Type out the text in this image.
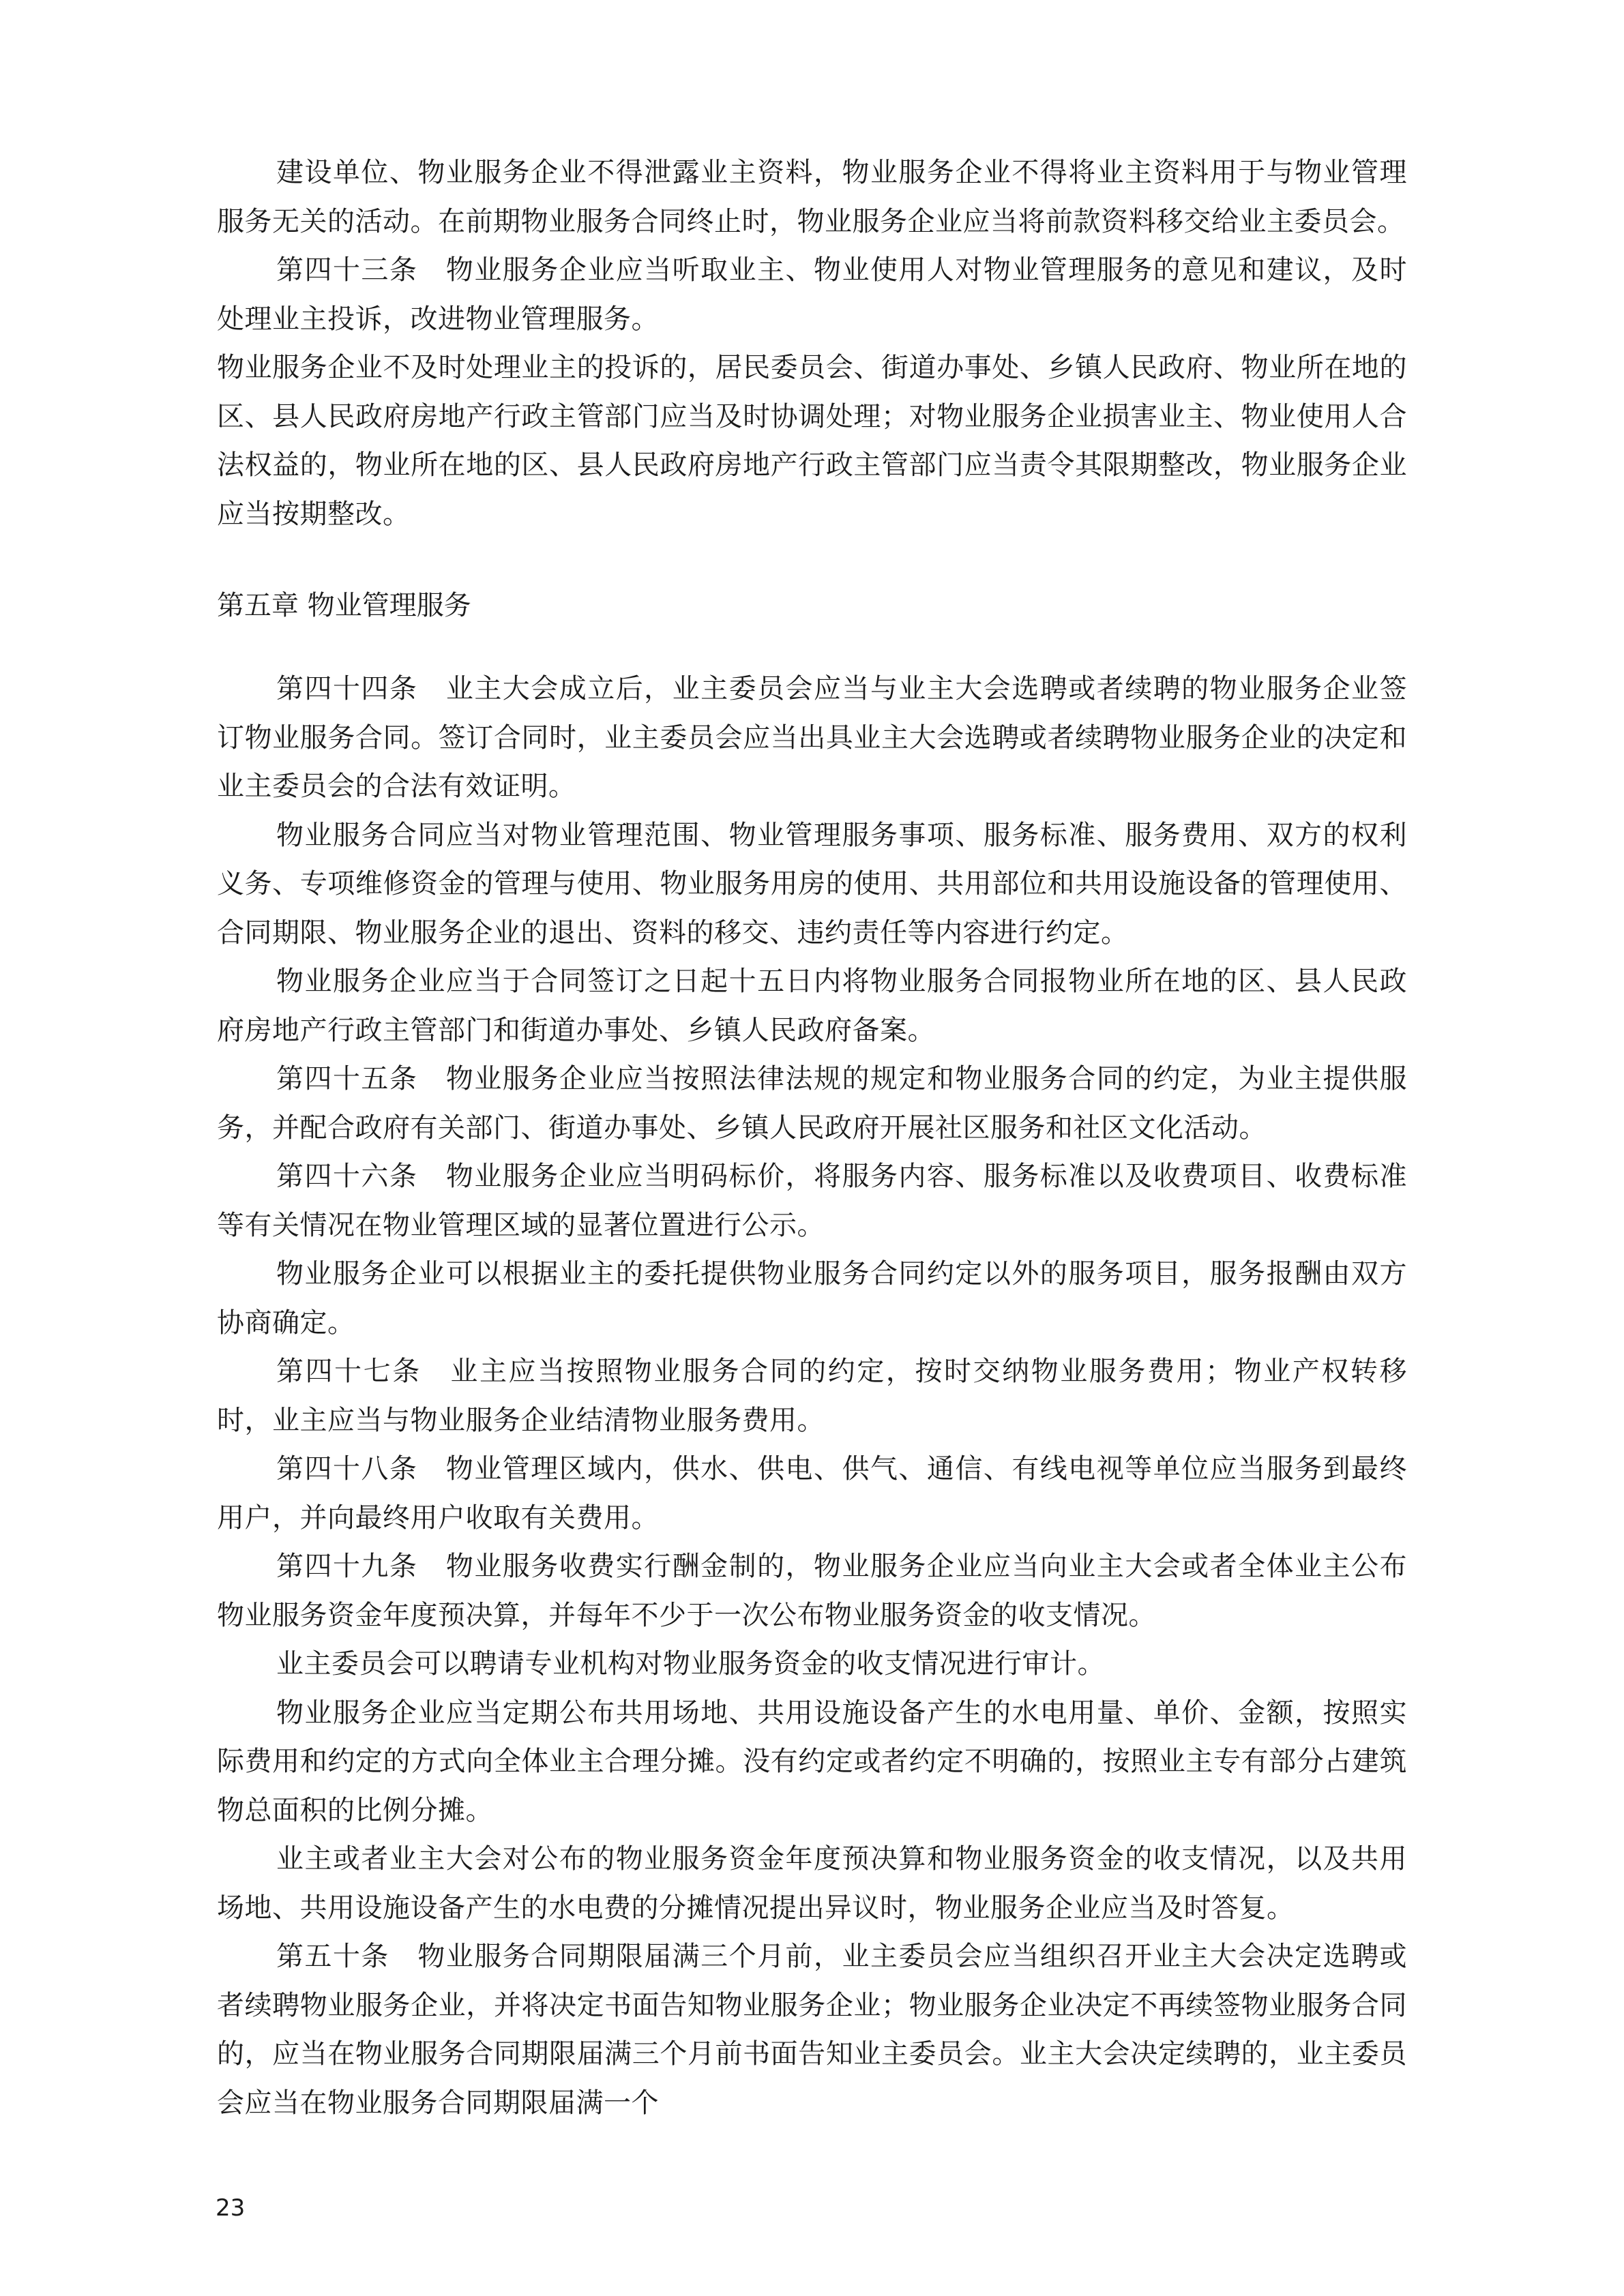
建设单位、物业服务企业不得泄露业主资料，物业服务企业不得将业主资料用于与物业管理服务无关的活动。在前期物业服务合同终止时，物业服务企业应当将前款资料移交给业主委员会。

第四十三条　物业服务企业应当听取业主、物业使用人对物业管理服务的意见和建议，及时处理业主投诉，改进物业管理服务。

物业服务企业不及时处理业主的投诉的，居民委员会、街道办事处、乡镇人民政府、物业所在地的区、县人民政府房地产行政主管部门应当及时协调处理；对物业服务企业损害业主、物业使用人合法权益的，物业所在地的区、县人民政府房地产行政主管部门应当责令其限期整改，物业服务企业应当按期整改。

第五章 物业管理服务

第四十四条　业主大会成立后，业主委员会应当与业主大会选聘或者续聘的物业服务企业签订物业服务合同。签订合同时，业主委员会应当出具业主大会选聘或者续聘物业服务企业的决定和业主委员会的合法有效证明。

物业服务合同应当对物业管理范围、物业管理服务事项、服务标准、服务费用、双方的权利义务、专项维修资金的管理与使用、物业服务用房的使用、共用部位和共用设施设备的管理使用、合同期限、物业服务企业的退出、资料的移交、违约责任等内容进行约定。

物业服务企业应当于合同签订之日起十五日内将物业服务合同报物业所在地的区、县人民政府房地产行政主管部门和街道办事处、乡镇人民政府备案。

第四十五条　物业服务企业应当按照法律法规的规定和物业服务合同的约定，为业主提供服务，并配合政府有关部门、街道办事处、乡镇人民政府开展社区服务和社区文化活动。

第四十六条　物业服务企业应当明码标价，将服务内容、服务标准以及收费项目、收费标准等有关情况在物业管理区域的显著位置进行公示。

物业服务企业可以根据业主的委托提供物业服务合同约定以外的服务项目，服务报酬由双方协商确定。

第四十七条　业主应当按照物业服务合同的约定，按时交纳物业服务费用；物业产权转移时，业主应当与物业服务企业结清物业服务费用。

第四十八条　物业管理区域内，供水、供电、供气、通信、有线电视等单位应当服务到最终用户，并向最终用户收取有关费用。

第四十九条　物业服务收费实行酬金制的，物业服务企业应当向业主大会或者全体业主公布物业服务资金年度预决算，并每年不少于一次公布物业服务资金的收支情况。

业主委员会可以聘请专业机构对物业服务资金的收支情况进行审计。

物业服务企业应当定期公布共用场地、共用设施设备产生的水电用量、单价、金额，按照实际费用和约定的方式向全体业主合理分摊。没有约定或者约定不明确的，按照业主专有部分占建筑物总面积的比例分摊。

业主或者业主大会对公布的物业服务资金年度预决算和物业服务资金的收支情况，以及共用场地、共用设施设备产生的水电费的分摊情况提出异议时，物业服务企业应当及时答复。

第五十条　物业服务合同期限届满三个月前，业主委员会应当组织召开业主大会决定选聘或者续聘物业服务企业，并将决定书面告知物业服务企业；物业服务企业决定不再续签物业服务合同的，应当在物业服务合同期限届满三个月前书面告知业主委员会。业主大会决定续聘的，业主委员会应当在物业服务合同期限届满一个

23
